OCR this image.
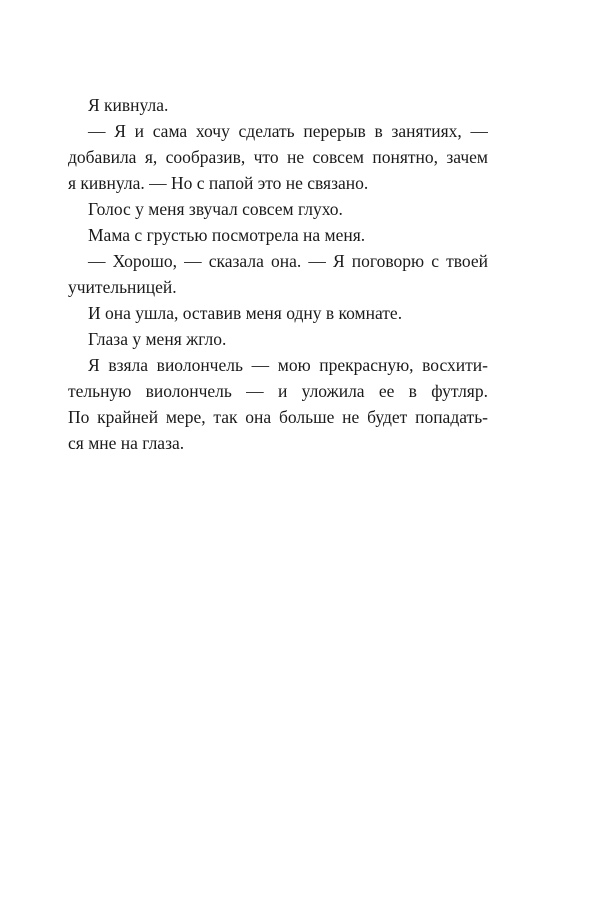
Я кивнула.
— Я и сама хочу сделать перерыв в занятиях, —
добавила я, сообразив, что не совсем понятно, зачем
я кивнула. — Но с папой это не связано.
Голос у меня звучал совсем глухо.
Мама с грустью посмотрела на меня.
— Хорошо, — сказала она. — Я поговорю с твоей
учительницей.
И она ушла, оставив меня одну в комнате.
Глаза у меня жгло.
Я взяла виолончель — мою прекрасную, восхити-
тельную виолончель — и уложила ее в футляр.
По крайней мере, так она больше не будет попадать-
ся мне на глаза.
